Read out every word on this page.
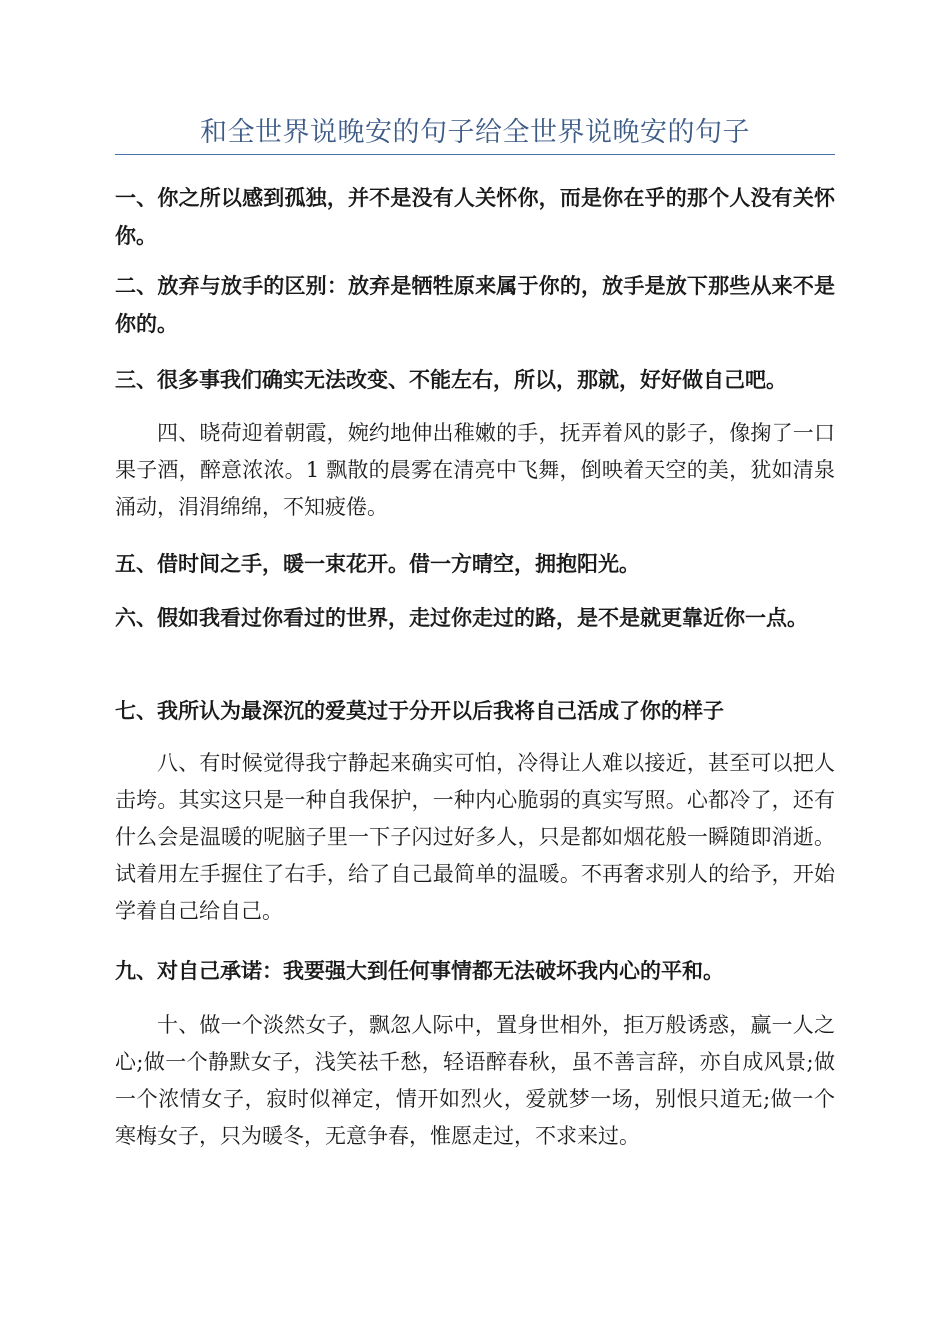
和全世界说晚安的句子给全世界说晚安的句子

一、你之所以感到孤独，并不是没有人关怀你，而是你在乎的那个人没有关怀你。

二、放弃与放手的区别：放弃是牺牲原来属于你的，放手是放下那些从来不是你的。

三、很多事我们确实无法改变、不能左右，所以，那就，好好做自己吧。

四、晓荷迎着朝霞，婉约地伸出稚嫩的手，抚弄着风的影子，像掬了一口果子酒，醉意浓浓。1 飘散的晨雾在清亮中飞舞，倒映着天空的美，犹如清泉涌动，涓涓绵绵，不知疲倦。

五、借时间之手，暖一束花开。借一方晴空，拥抱阳光。

六、假如我看过你看过的世界，走过你走过的路，是不是就更靠近你一点。

七、我所认为最深沉的爱莫过于分开以后我将自己活成了你的样子

八、有时候觉得我宁静起来确实可怕，冷得让人难以接近，甚至可以把人击垮。其实这只是一种自我保护，一种内心脆弱的真实写照。心都冷了，还有什么会是温暖的呢脑子里一下子闪过好多人，只是都如烟花般一瞬随即消逝。试着用左手握住了右手，给了自己最简单的温暖。不再奢求别人的给予，开始学着自己给自己。

九、对自己承诺：我要强大到任何事情都无法破坏我内心的平和。

十、做一个淡然女子，飘忽人际中，置身世相外，拒万般诱惑，赢一人之心;做一个静默女子，浅笑祛千愁，轻语醉春秋，虽不善言辞，亦自成风景;做一个浓情女子，寂时似禅定，情开如烈火，爱就梦一场，别恨只道无;做一个寒梅女子，只为暖冬，无意争春，惟愿走过，不求来过。
